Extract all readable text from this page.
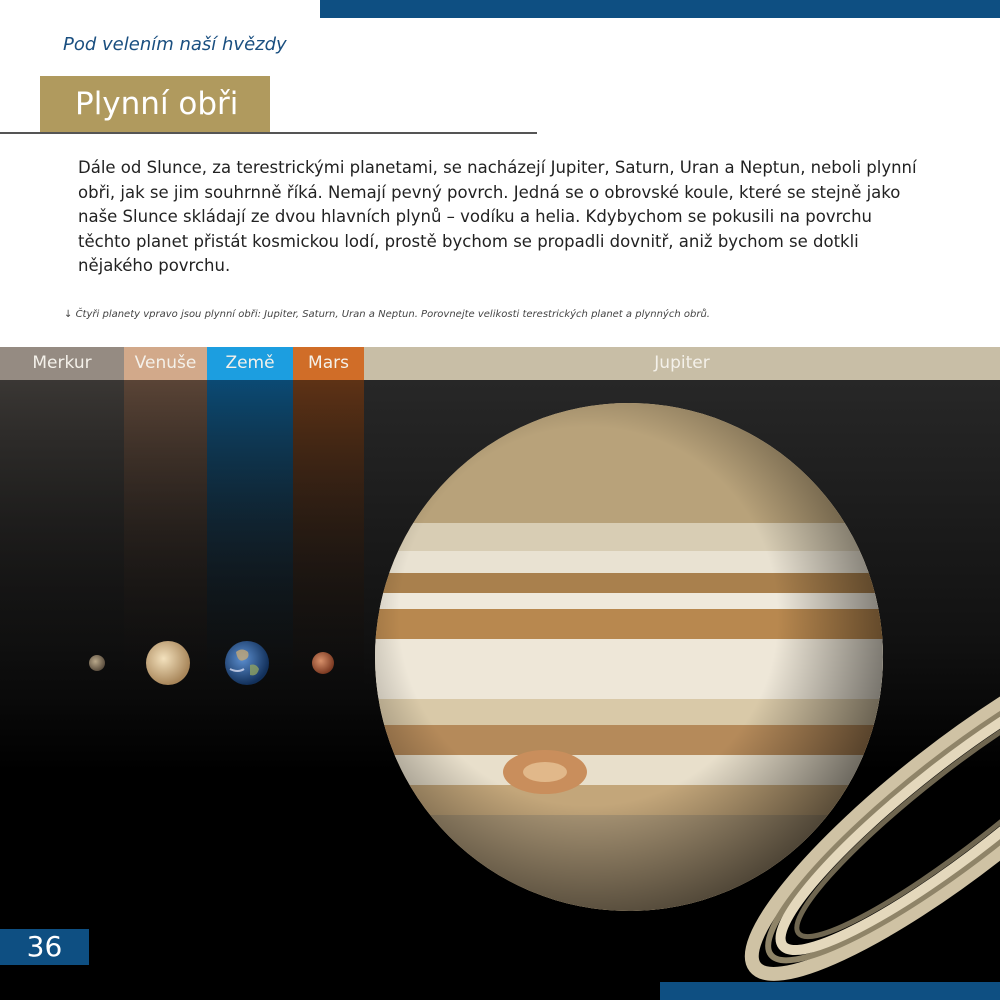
Pod velením naší hvězdy
Plynní obři

Dále od Slunce, za terestrickými planetami, se nacházejí Jupiter, Saturn, Uran a Neptun, neboli plynní obři, jak se jim souhrnně říká. Nemají pevný povrch. Jedná se o obrovské koule, které se stejně jako naše Slunce skládají ze dvou hlavních plynů – vodíku a helia. Kdybychom se pokusili na povrchu těchto planet přistát kosmickou lodí, prostě bychom se propadli dovnitř, aniž bychom se dotkli nějakého povrchu.

↓ Čtyři planety vpravo jsou plynní obři: Jupiter, Saturn, Uran a Neptun. Porovnejte velikosti terestrických planet a plynných obrů.
Merkur	Venuše	Země	Mars	Jupiter
36
